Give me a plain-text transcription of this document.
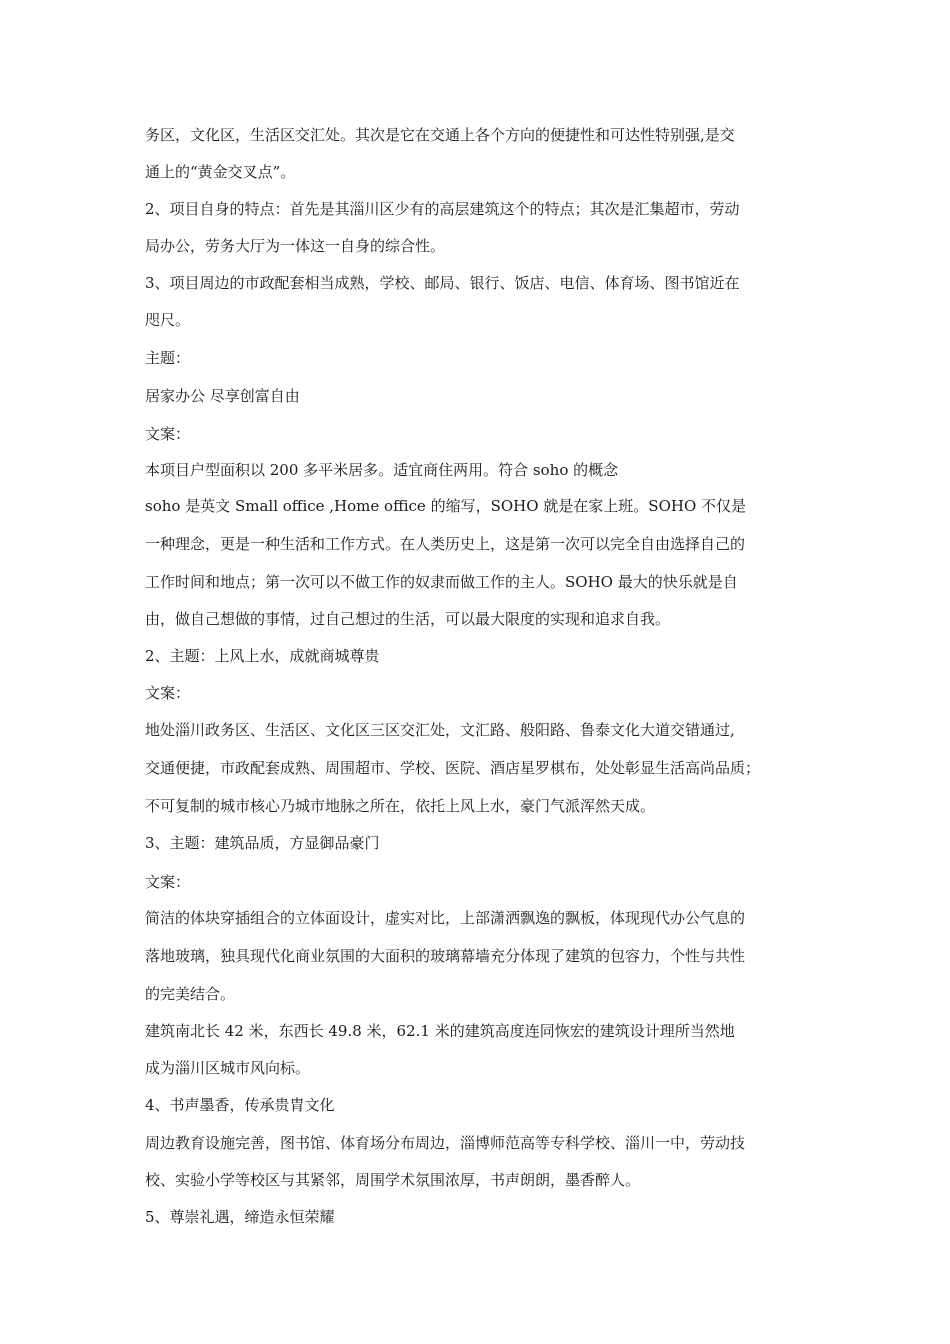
务区，文化区，生活区交汇处。其次是它在交通上各个方向的便捷性和可达性特别强,是交
通上的“黄金交叉点”。
2、项目自身的特点：首先是其淄川区少有的高层建筑这个的特点；其次是汇集超市，劳动
局办公，劳务大厅为一体这一自身的综合性。
3、项目周边的市政配套相当成熟，学校、邮局、银行、饭店、电信、体育场、图书馆近在
咫尺。
主题：
居家办公 尽享创富自由
文案：
本项目户型面积以 200 多平米居多。适宜商住两用。符合 soho 的概念
soho 是英文 Small office ,Home office 的缩写，SOHO 就是在家上班。SOHO 不仅是
一种理念，更是一种生活和工作方式。在人类历史上，这是第一次可以完全自由选择自己的
工作时间和地点；第一次可以不做工作的奴隶而做工作的主人。SOHO 最大的快乐就是自
由，做自己想做的事情，过自己想过的生活，可以最大限度的实现和追求自我。
2、主题：上风上水，成就商城尊贵
文案：
地处淄川政务区、生活区、文化区三区交汇处，文汇路、般阳路、鲁泰文化大道交错通过,
交通便捷，市政配套成熟、周围超市、学校、医院、酒店星罗棋布，处处彰显生活高尚品质；
不可复制的城市核心乃城市地脉之所在，依托上风上水，豪门气派浑然天成。
3、主题：建筑品质，方显御品豪门
文案：
简洁的体块穿插组合的立体面设计，虚实对比，上部潇洒飘逸的飘板，体现现代办公气息的
落地玻璃，独具现代化商业氛围的大面积的玻璃幕墙充分体现了建筑的包容力，个性与共性
的完美结合。
建筑南北长 42 米，东西长 49.8 米，62.1 米的建筑高度连同恢宏的建筑设计理所当然地
成为淄川区城市风向标。
4、书声墨香，传承贵胄文化
周边教育设施完善，图书馆、体育场分布周边，淄博师范高等专科学校、淄川一中，劳动技
校、实验小学等校区与其紧邻，周围学术氛围浓厚，书声朗朗，墨香醉人。
5、尊崇礼遇，缔造永恒荣耀
